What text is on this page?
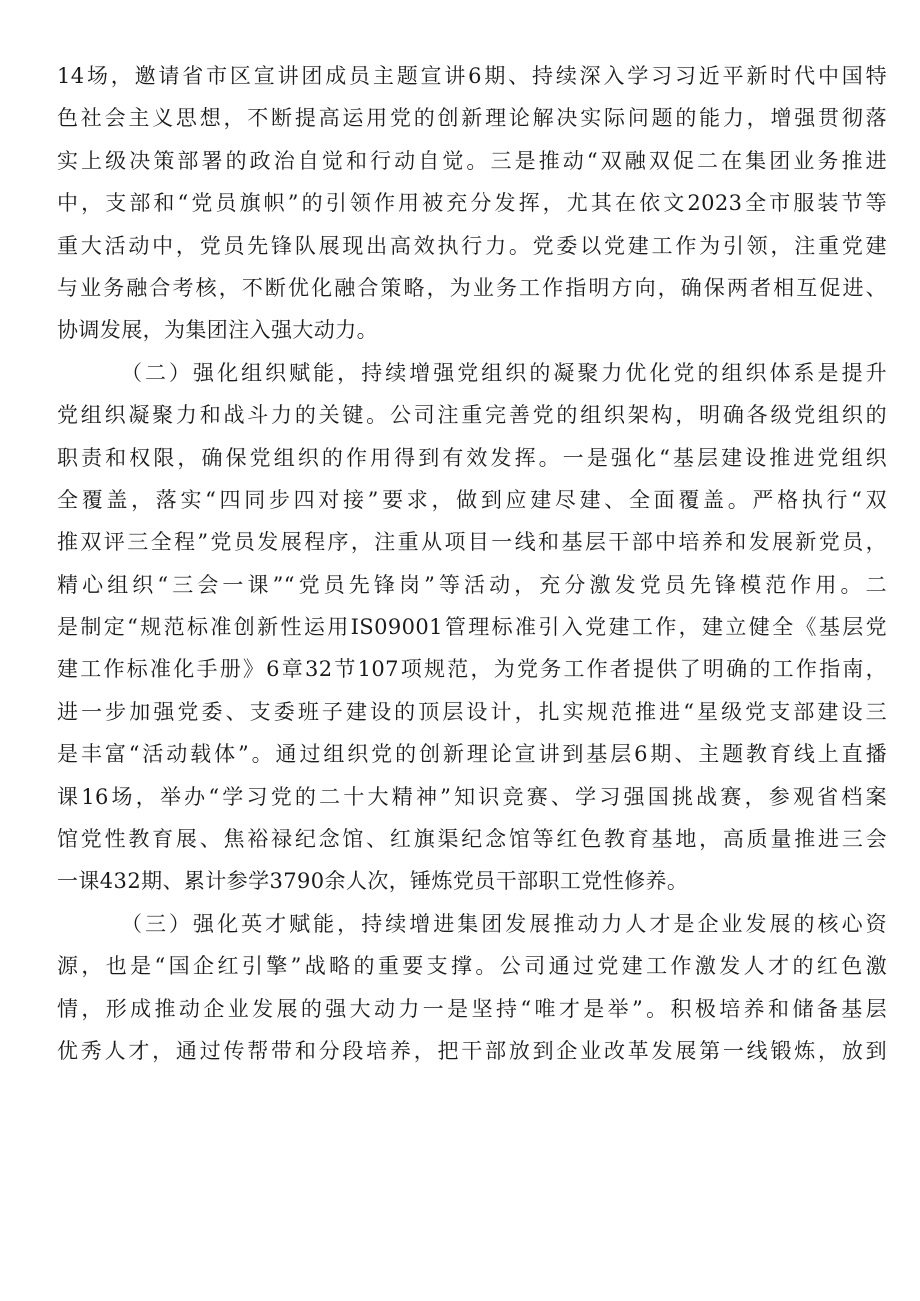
14场，邀请省市区宣讲团成员主题宣讲6期、持续深入学习习近平新时代中国特
色社会主义思想，不断提高运用党的创新理论解决实际问题的能力，增强贯彻落
实上级决策部署的政治自觉和行动自觉。三是推动“双融双促二在集团业务推进
中，支部和“党员旗帜”的引领作用被充分发挥，尤其在依文2023全市服装节等
重大活动中，党员先锋队展现出高效执行力。党委以党建工作为引领，注重党建
与业务融合考核，不断优化融合策略，为业务工作指明方向，确保两者相互促进、
协调发展，为集团注入强大动力。
（二）强化组织赋能，持续增强党组织的凝聚力优化党的组织体系是提升
党组织凝聚力和战斗力的关键。公司注重完善党的组织架构，明确各级党组织的
职责和权限，确保党组织的作用得到有效发挥。一是强化“基层建设推进党组织
全覆盖，落实“四同步四对接”要求，做到应建尽建、全面覆盖。严格执行“双
推双评三全程”党员发展程序，注重从项目一线和基层干部中培养和发展新党员，
精心组织“三会一课”“党员先锋岗”等活动，充分激发党员先锋模范作用。二
是制定“规范标准创新性运用IS09001管理标准引入党建工作，建立健全《基层党
建工作标准化手册》6章32节107项规范，为党务工作者提供了明确的工作指南，
进一步加强党委、支委班子建设的顶层设计，扎实规范推进“星级党支部建设三
是丰富“活动载体”。通过组织党的创新理论宣讲到基层6期、主题教育线上直播
课16场，举办“学习党的二十大精神”知识竞赛、学习强国挑战赛，参观省档案
馆党性教育展、焦裕禄纪念馆、红旗渠纪念馆等红色教育基地，高质量推进三会
一课432期、累计参学3790余人次，锤炼党员干部职工党性修养。
（三）强化英才赋能，持续增进集团发展推动力人才是企业发展的核心资
源，也是“国企红引擎”战略的重要支撑。公司通过党建工作激发人才的红色激
情，形成推动企业发展的强大动力一是坚持“唯才是举”。积极培养和储备基层
优秀人才，通过传帮带和分段培养，把干部放到企业改革发展第一线锻炼，放到
